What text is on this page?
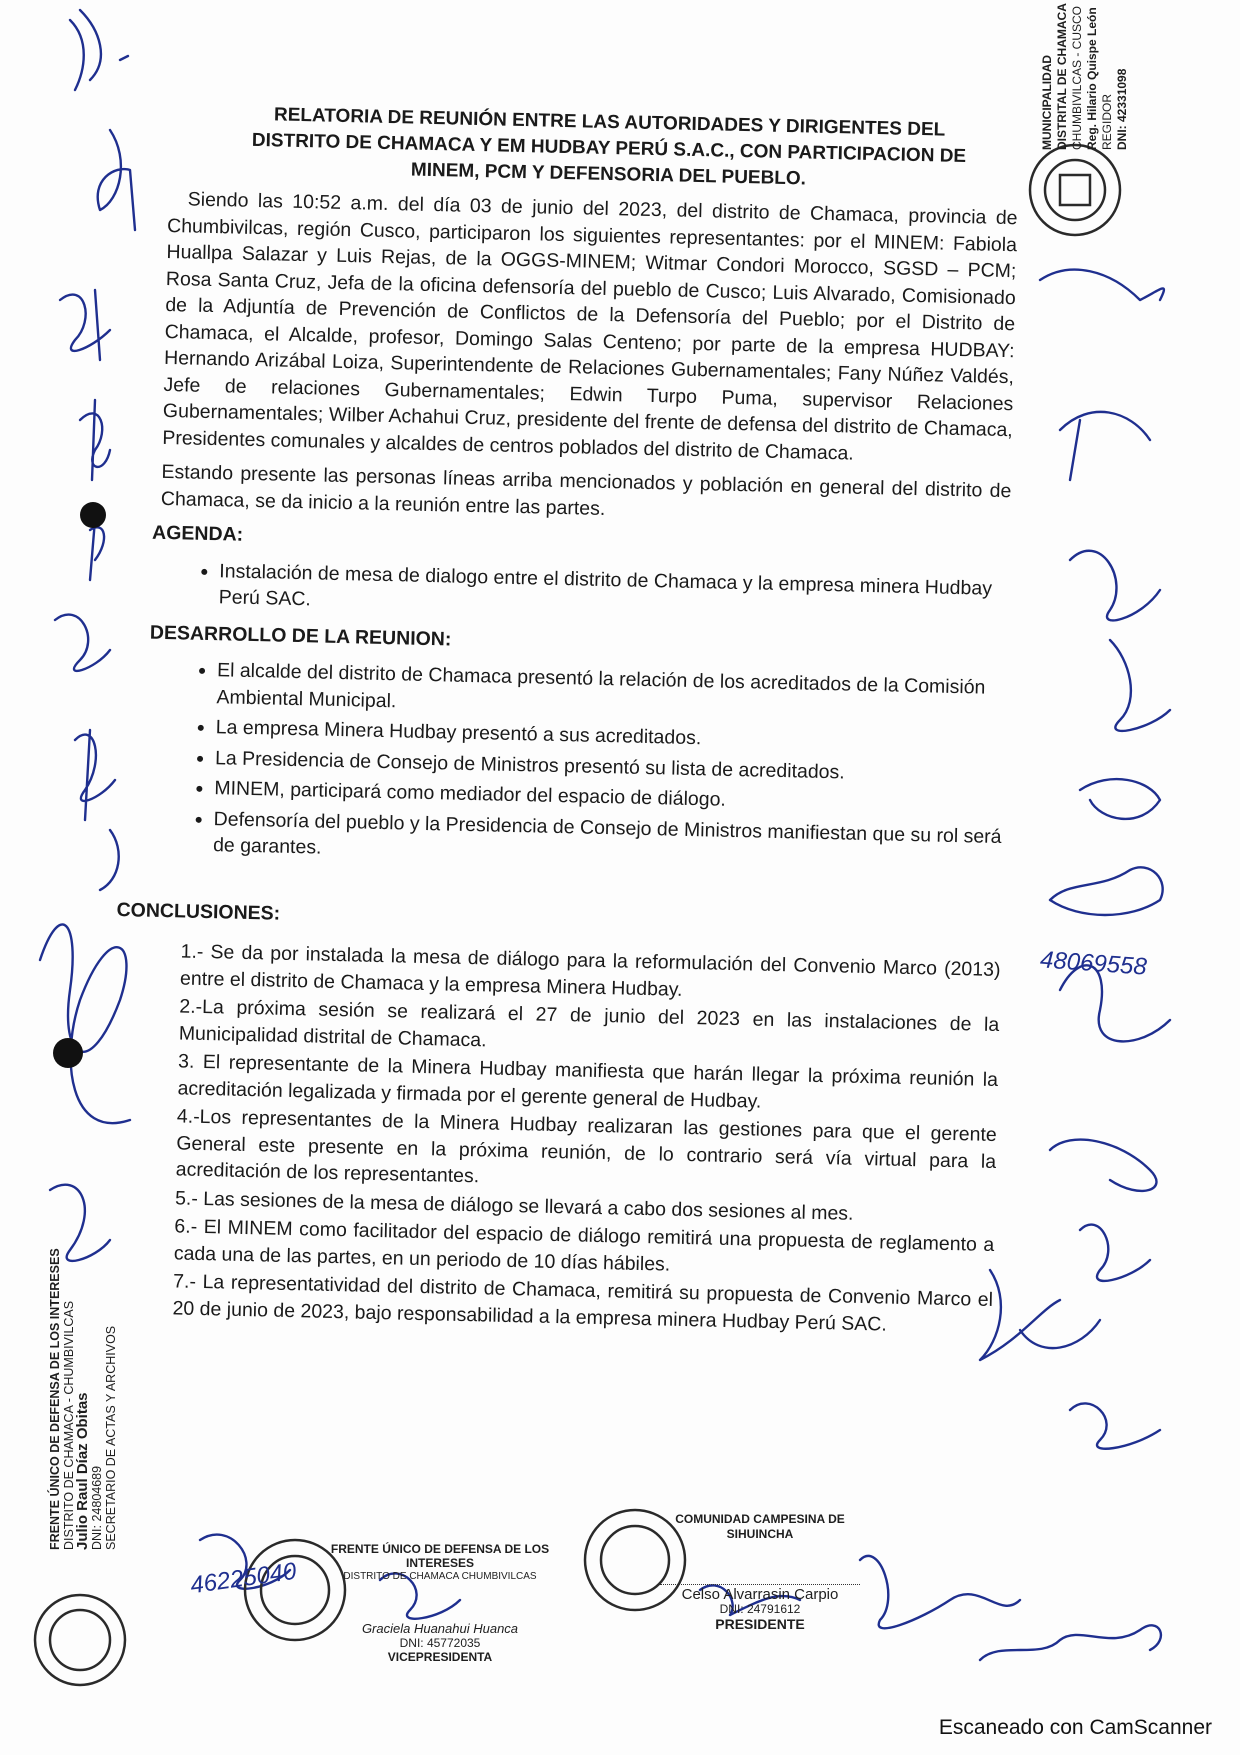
RELATORIA DE REUNIÓN ENTRE LAS AUTORIDADES Y DIRIGENTES DEL DISTRITO DE CHAMACA Y EM HUDBAY PERÚ S.A.C., CON PARTICIPACION DE MINEM, PCM Y DEFENSORIA DEL PUEBLO.

Siendo las 10:52 a.m. del día 03 de junio del 2023, del distrito de Chamaca, provincia de Chumbivilcas, región Cusco, participaron los siguientes representantes: por el MINEM: Fabiola Huallpa Salazar y Luis Rejas, de la OGGS-MINEM; Witmar Condori Morocco, SGSD – PCM; Rosa Santa Cruz, Jefa de la oficina defensoría del pueblo de Cusco; Luis Alvarado, Comisionado de la Adjuntía de Prevención de Conflictos de la Defensoría del Pueblo; por el Distrito de Chamaca, el Alcalde, profesor, Domingo Salas Centeno; por parte de la empresa HUDBAY: Hernando Arizábal Loiza, Superintendente de Relaciones Gubernamentales; Fany Núñez Valdés, Jefe de relaciones Gubernamentales; Edwin Turpo Puma, supervisor Relaciones Gubernamentales; Wilber Achahui Cruz, presidente del frente de defensa del distrito de Chamaca, Presidentes comunales y alcaldes de centros poblados del distrito de Chamaca.

Estando presente las personas líneas arriba mencionados y población en general del distrito de Chamaca, se da inicio a la reunión entre las partes.

AGENDA:
• Instalación de mesa de dialogo entre el distrito de Chamaca y la empresa minera Hudbay Perú SAC.
DESARROLLO DE LA REUNION:
• El alcalde del distrito de Chamaca presentó la relación de los acreditados de la Comisión Ambiental Municipal.
• La empresa Minera Hudbay presentó a sus acreditados.
• La Presidencia de Consejo de Ministros presentó su lista de acreditados.
• MINEM, participará como mediador del espacio de diálogo.
• Defensoría del pueblo y la Presidencia de Consejo de Ministros manifiestan que su rol será de garantes.
CONCLUSIONES:

1.- Se da por instalada la mesa de diálogo para la reformulación del Convenio Marco (2013) entre el distrito de Chamaca y la empresa Minera Hudbay.

2.-La próxima sesión se realizará el 27 de junio del 2023 en las instalaciones de la Municipalidad distrital de Chamaca.

3. El representante de la Minera Hudbay manifiesta que harán llegar la próxima reunión la acreditación legalizada y firmada por el gerente general de Hudbay.

4.-Los representantes de la Minera Hudbay realizaran las gestiones para que el gerente General este presente en la próxima reunión, de lo contrario será vía virtual para la acreditación de los representantes.

5.- Las sesiones de la mesa de diálogo se llevará a cabo dos sesiones al mes.

6.- El MINEM como facilitador del espacio de diálogo remitirá una propuesta de reglamento a cada una de las partes, en un periodo de 10 días hábiles.

7.- La representatividad del distrito de Chamaca, remitirá su propuesta de Convenio Marco el 20 de junio de 2023, bajo responsabilidad a la empresa minera Hudbay Perú SAC.

MUNICIPALIDAD DISTRITAL DE CHAMACA CHUMBIVILCAS - CUSCO Reg. Hilario Quispe León REGIDOR DNI: 42331098
FRENTE ÚNICO DE DEFENSA DE LOS INTERESES DISTRITO DE CHAMACA - CHUMBIVILCAS
Julio Raul Díaz Obitas DNI: 24804689 SECRETARIO DE ACTAS Y ARCHIVOS
48069558
46225040
FRENTE ÚNICO DE DEFENSA DE LOS INTERESES
DISTRITO DE CHAMACA CHUMBIVILCAS
Graciela Huanahui Huanca
DNI: 45772035
VICEPRESIDENTA
COMUNIDAD CAMPESINA DE SIHUINCHA
Celso Alvarrasin Carpio
DNI: 24791612
PRESIDENTE
Escaneado con CamScanner
